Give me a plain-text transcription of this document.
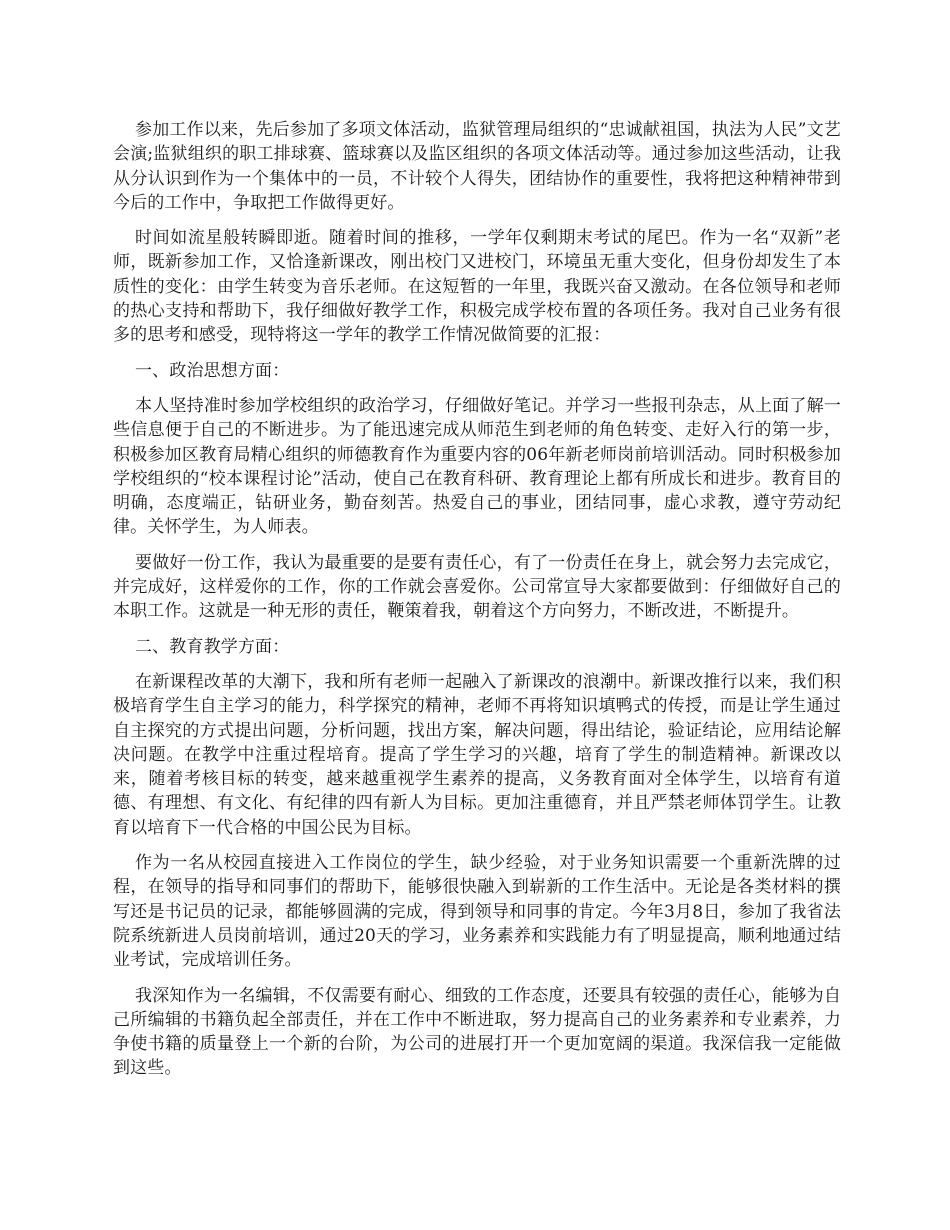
参加工作以来，先后参加了多项文体活动，监狱管理局组织的“忠诚献祖国，执法为人民”文艺会演;监狱组织的职工排球赛、篮球赛以及监区组织的各项文体活动等。通过参加这些活动，让我从分认识到作为一个集体中的一员，不计较个人得失，团结协作的重要性，我将把这种精神带到今后的工作中，争取把工作做得更好。

时间如流星般转瞬即逝。随着时间的推移，一学年仅剩期末考试的尾巴。作为一名“双新”老师，既新参加工作，又恰逢新课改，刚出校门又进校门，环境虽无重大变化，但身份却发生了本质性的变化：由学生转变为音乐老师。在这短暂的一年里，我既兴奋又激动。在各位领导和老师的热心支持和帮助下，我仔细做好教学工作，积极完成学校布置的各项任务。我对自己业务有很多的思考和感受，现特将这一学年的教学工作情况做简要的汇报：

一、政治思想方面：

本人坚持准时参加学校组织的政治学习，仔细做好笔记。并学习一些报刊杂志，从上面了解一些信息便于自己的不断进步。为了能迅速完成从师范生到老师的角色转变、走好入行的第一步，积极参加区教育局精心组织的师德教育作为重要内容的06年新老师岗前培训活动。同时积极参加学校组织的“校本课程讨论”活动，使自己在教育科研、教育理论上都有所成长和进步。教育目的明确，态度端正，钻研业务，勤奋刻苦。热爱自己的事业，团结同事，虚心求教，遵守劳动纪律。关怀学生，为人师表。

要做好一份工作，我认为最重要的是要有责任心，有了一份责任在身上，就会努力去完成它，并完成好，这样爱你的工作，你的工作就会喜爱你。公司常宣导大家都要做到：仔细做好自己的本职工作。这就是一种无形的责任，鞭策着我，朝着这个方向努力，不断改进，不断提升。

二、教育教学方面：

在新课程改革的大潮下，我和所有老师一起融入了新课改的浪潮中。新课改推行以来，我们积极培育学生自主学习的能力，科学探究的精神，老师不再将知识填鸭式的传授，而是让学生通过自主探究的方式提出问题，分析问题，找出方案，解决问题，得出结论，验证结论，应用结论解决问题。在教学中注重过程培育。提高了学生学习的兴趣，培育了学生的制造精神。新课改以来，随着考核目标的转变，越来越重视学生素养的提高，义务教育面对全体学生，以培育有道德、有理想、有文化、有纪律的四有新人为目标。更加注重德育，并且严禁老师体罚学生。让教育以培育下一代合格的中国公民为目标。

作为一名从校园直接进入工作岗位的学生，缺少经验，对于业务知识需要一个重新洗牌的过程，在领导的指导和同事们的帮助下，能够很快融入到崭新的工作生活中。无论是各类材料的撰写还是书记员的记录，都能够圆满的完成，得到领导和同事的肯定。今年3月8日，参加了我省法院系统新进人员岗前培训，通过20天的学习，业务素养和实践能力有了明显提高，顺利地通过结业考试，完成培训任务。

我深知作为一名编辑，不仅需要有耐心、细致的工作态度，还要具有较强的责任心，能够为自己所编辑的书籍负起全部责任，并在工作中不断进取，努力提高自己的业务素养和专业素养，力争使书籍的质量登上一个新的台阶，为公司的进展打开一个更加宽阔的渠道。我深信我一定能做到这些。
